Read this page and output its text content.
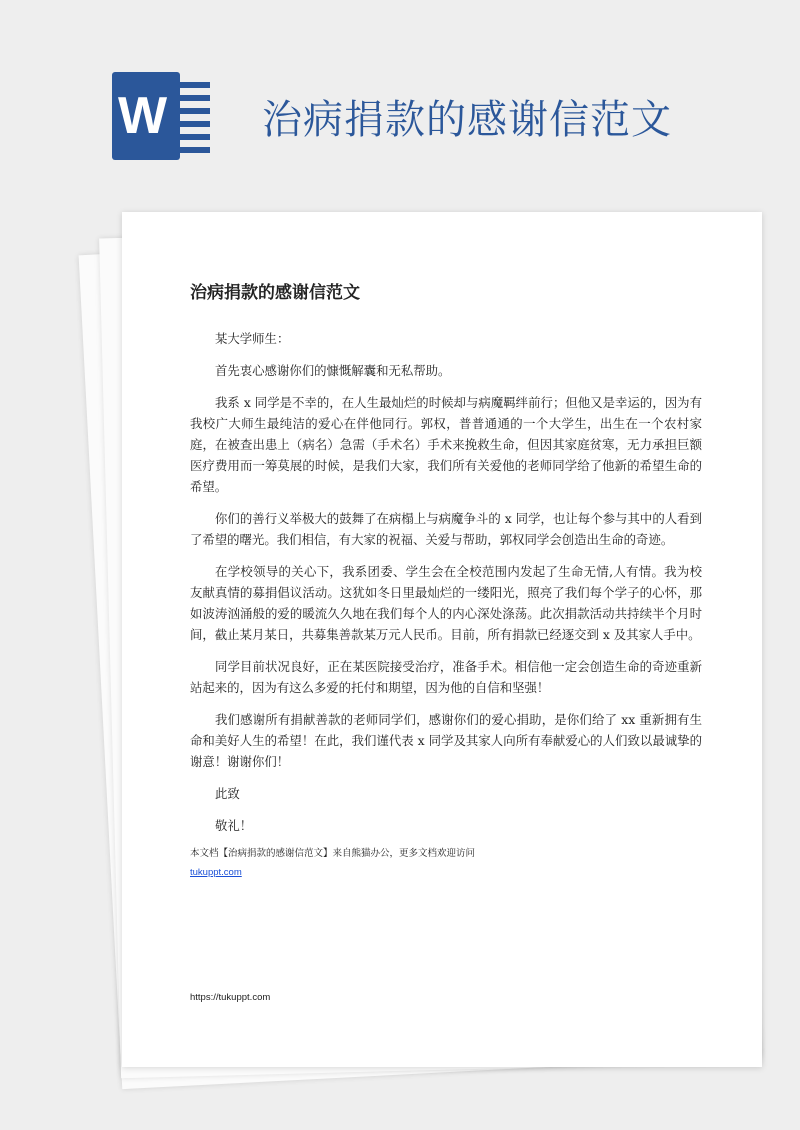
W 治病捐款的感谢信范文
治病捐款的感谢信范文

某大学师生：

首先衷心感谢你们的慷慨解囊和无私帮助。

我系 x 同学是不幸的，在人生最灿烂的时候却与病魔羁绊前行；但他又是幸运的，因为有我校广大师生最纯洁的爱心在伴他同行。郭权，普普通通的一个大学生，出生在一个农村家庭，在被查出患上（病名）急需（手术名）手术来挽救生命，但因其家庭贫寒，无力承担巨额医疗费用而一筹莫展的时候，是我们大家，我们所有关爱他的老师同学给了他新的希望生命的希望。

你们的善行义举极大的鼓舞了在病榻上与病魔争斗的 x 同学，也让每个参与其中的人看到了希望的曙光。我们相信，有大家的祝福、关爱与帮助，郭权同学会创造出生命的奇迹。

在学校领导的关心下，我系团委、学生会在全校范围内发起了生命无情,人有情。我为校友献真情的募捐倡议活动。这犹如冬日里最灿烂的一缕阳光，照亮了我们每个学子的心怀，那如波涛汹涌般的爱的暖流久久地在我们每个人的内心深处涤荡。此次捐款活动共持续半个月时间，截止某月某日，共募集善款某万元人民币。目前，所有捐款已经逐交到 x 及其家人手中。

同学目前状况良好，正在某医院接受治疗，准备手术。相信他一定会创造生命的奇迹重新站起来的，因为有这么多爱的托付和期望，因为他的自信和坚强！

我们感谢所有捐献善款的老师同学们，感谢你们的爱心捐助，是你们给了 xx 重新拥有生命和美好人生的希望！在此，我们谨代表 x 同学及其家人向所有奉献爱心的人们致以最诚挚的谢意！谢谢你们！

此致

敬礼！

本文档【治病捐款的感谢信范文】来自熊猫办公，更多文档欢迎访问
tukuppt.com
https://tukuppt.com
